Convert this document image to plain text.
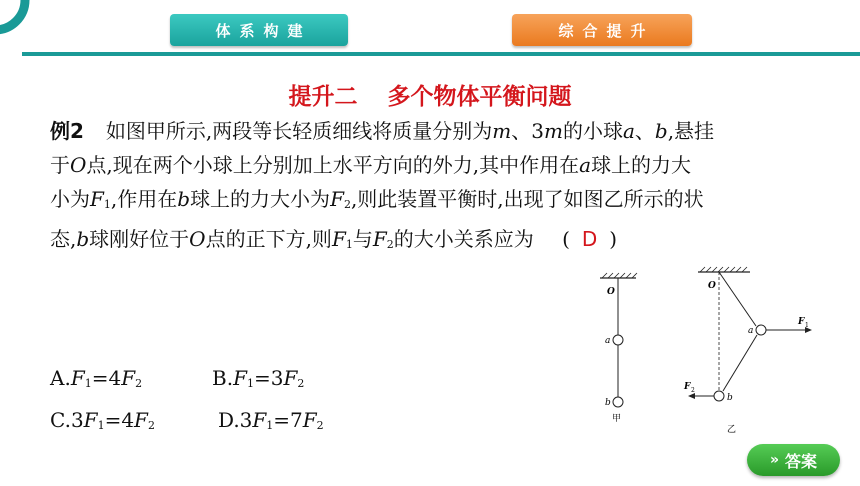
体系构建	综合提升
提升二 多个物体平衡问题
例2 如图甲所示,两段等长轻质细线将质量分别为m、3m的小球a、b,悬挂
于O点,现在两个小球上分别加上水平方向的外力,其中作用在a球上的力大
小为$F_1$,作用在b球上的力大小为$F_2$,则此装置平衡时,出现了如图乙所示的状
态,b球刚好位于O点的正下方,则$F_1$与$F_2$的大小关系应为 ( D )
$A.F_1=4F_2$	$B.F_1=3F_2$
$C.3F_1=4F_2$	$D.3F_1=7F_2$
O
a
b
甲
O
a
b
F 1
F 2
乙
» 答案
